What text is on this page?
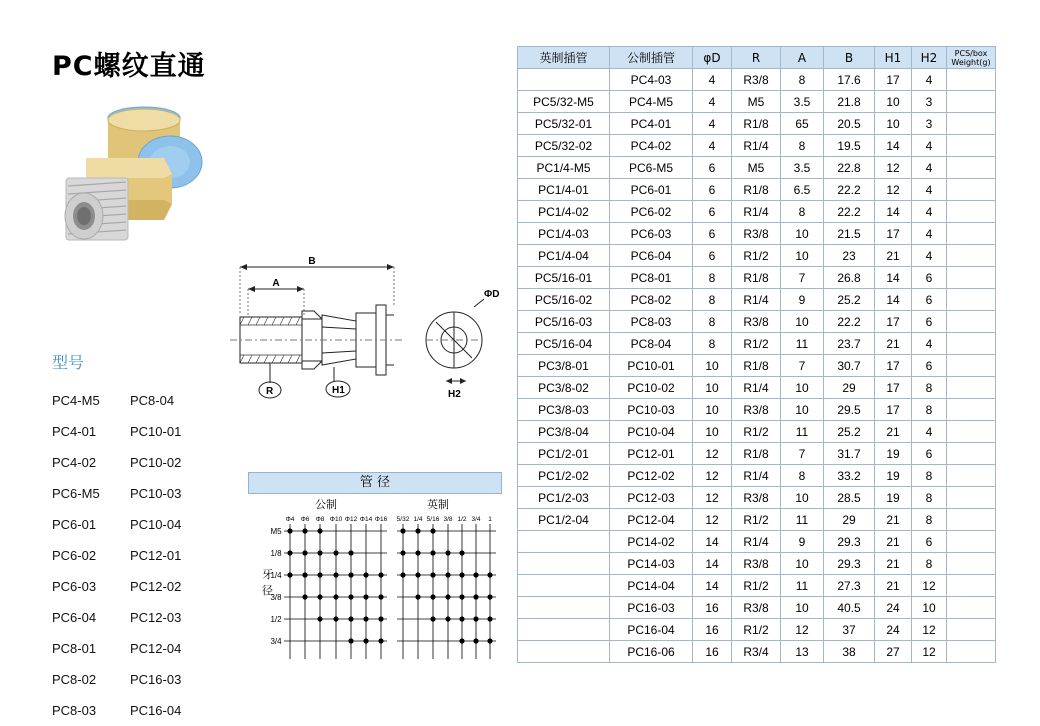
PC螺纹直通
型号
PC4-M5	PC8-04
PC4-01	PC10-01
PC4-02	PC10-02
PC6-M5	PC10-03
PC6-01	PC10-04
PC6-02	PC12-01
PC6-03	PC12-02
PC6-04	PC12-03
PC8-01	PC12-04
PC8-02	PC16-03
PC8-03	PC16-04
B
A
R	H1
ΦD
H2
管 径
公制	英制
Φ4 Φ6 Φ8 Φ10 Φ12 Φ14 Φ16 5/32 1/4 5/16 3/8 1/2 3/4 1
牙
径
M5
1/8
1/4
3/8
1/2
3/4
英制插管	公制插管	φD	R	A	B	H1	H2	PCS/box
Weight(g)
	PC4-03	4	R3/8	8	17.6	17	4	
PC5/32-M5	PC4-M5	4	M5	3.5	21.8	10	3	
PC5/32-01	PC4-01	4	R1/8	65	20.5	10	3	
PC5/32-02	PC4-02	4	R1/4	8	19.5	14	4	
PC1/4-M5	PC6-M5	6	M5	3.5	22.8	12	4	
PC1/4-01	PC6-01	6	R1/8	6.5	22.2	12	4	
PC1/4-02	PC6-02	6	R1/4	8	22.2	14	4	
PC1/4-03	PC6-03	6	R3/8	10	21.5	17	4	
PC1/4-04	PC6-04	6	R1/2	10	23	21	4	
PC5/16-01	PC8-01	8	R1/8	7	26.8	14	6	
PC5/16-02	PC8-02	8	R1/4	9	25.2	14	6	
PC5/16-03	PC8-03	8	R3/8	10	22.2	17	6	
PC5/16-04	PC8-04	8	R1/2	11	23.7	21	4	
PC3/8-01	PC10-01	10	R1/8	7	30.7	17	6	
PC3/8-02	PC10-02	10	R1/4	10	29	17	8	
PC3/8-03	PC10-03	10	R3/8	10	29.5	17	8	
PC3/8-04	PC10-04	10	R1/2	11	25.2	21	4	
PC1/2-01	PC12-01	12	R1/8	7	31.7	19	6	
PC1/2-02	PC12-02	12	R1/4	8	33.2	19	8	
PC1/2-03	PC12-03	12	R3/8	10	28.5	19	8	
PC1/2-04	PC12-04	12	R1/2	11	29	21	8	
	PC14-02	14	R1/4	9	29.3	21	6	
	PC14-03	14	R3/8	10	29.3	21	8	
	PC14-04	14	R1/2	11	27.3	21	12	
	PC16-03	16	R3/8	10	40.5	24	10	
	PC16-04	16	R1/2	12	37	24	12	
	PC16-06	16	R3/4	13	38	27	12	
